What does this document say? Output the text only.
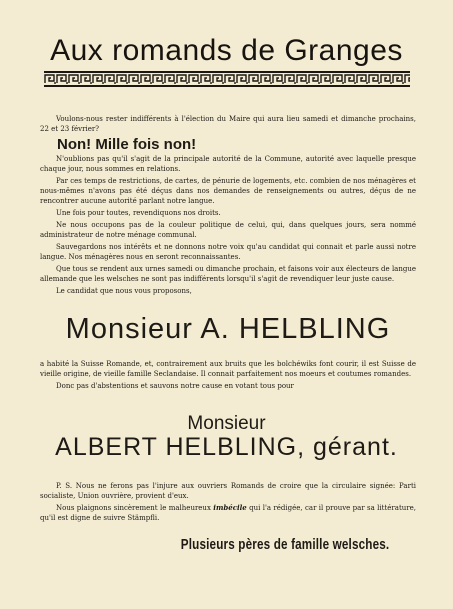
Aux romands de Granges

Voulons-nous rester indifférents à l'élection du Maire qui aura lieu samedi et dimanche prochains, 22 et 23 février?

Non! Mille fois non!

N'oublions pas qu'il s'agit de la principale autorité de la Commune, autorité avec laquelle presque chaque jour, nous sommes en relations.

Par ces temps de restrictions, de cartes, de pénurie de logements, etc. combien de nos ménagères et nous-mêmes n'avons pas été déçus dans nos demandes de renseignements ou autres, déçus de ne rencontrer aucune autorité parlant notre langue.

Une fois pour toutes, revendiquons nos droits.

Ne nous occupons pas de la couleur politique de celui, qui, dans quelques jours, sera nommé administrateur de notre ménage communal.

Sauvegardons nos intérêts et ne donnons notre voix qu'au candidat qui connait et parle aussi notre langue. Nos ménagères nous en seront reconnaissantes.

Que tous se rendent aux urnes samedi ou dimanche prochain, et faisons voir aux électeurs de langue allemande que les welsches ne sont pas indifférents lorsqu'il s'agit de revendiquer leur juste cause.

Le candidat que nous vous proposons,

Monsieur A. HELBLING

a habité la Suisse Romande, et, contrairement aux bruits que les bolchéwiks font courir, il est Suisse de vieille origine, de vieille famille Seclandaise. Il connait parfaitement nos moeurs et coutumes romandes.

Donc pas d'abstentions et sauvons notre cause en votant tous pour

Monsieur
ALBERT HELBLING, gérant.

P. S. Nous ne ferons pas l'injure aux ouvriers Romands de croire que la circulaire signée: Parti socialiste, Union ouvrière, provient d'eux.

Nous plaignons sincèrement le malheureux imbécile qui l'a rédigée, car il prouve par sa littérature, qu'il est digne de suivre Stämpfli.

Plusieurs pères de famille welsches.
